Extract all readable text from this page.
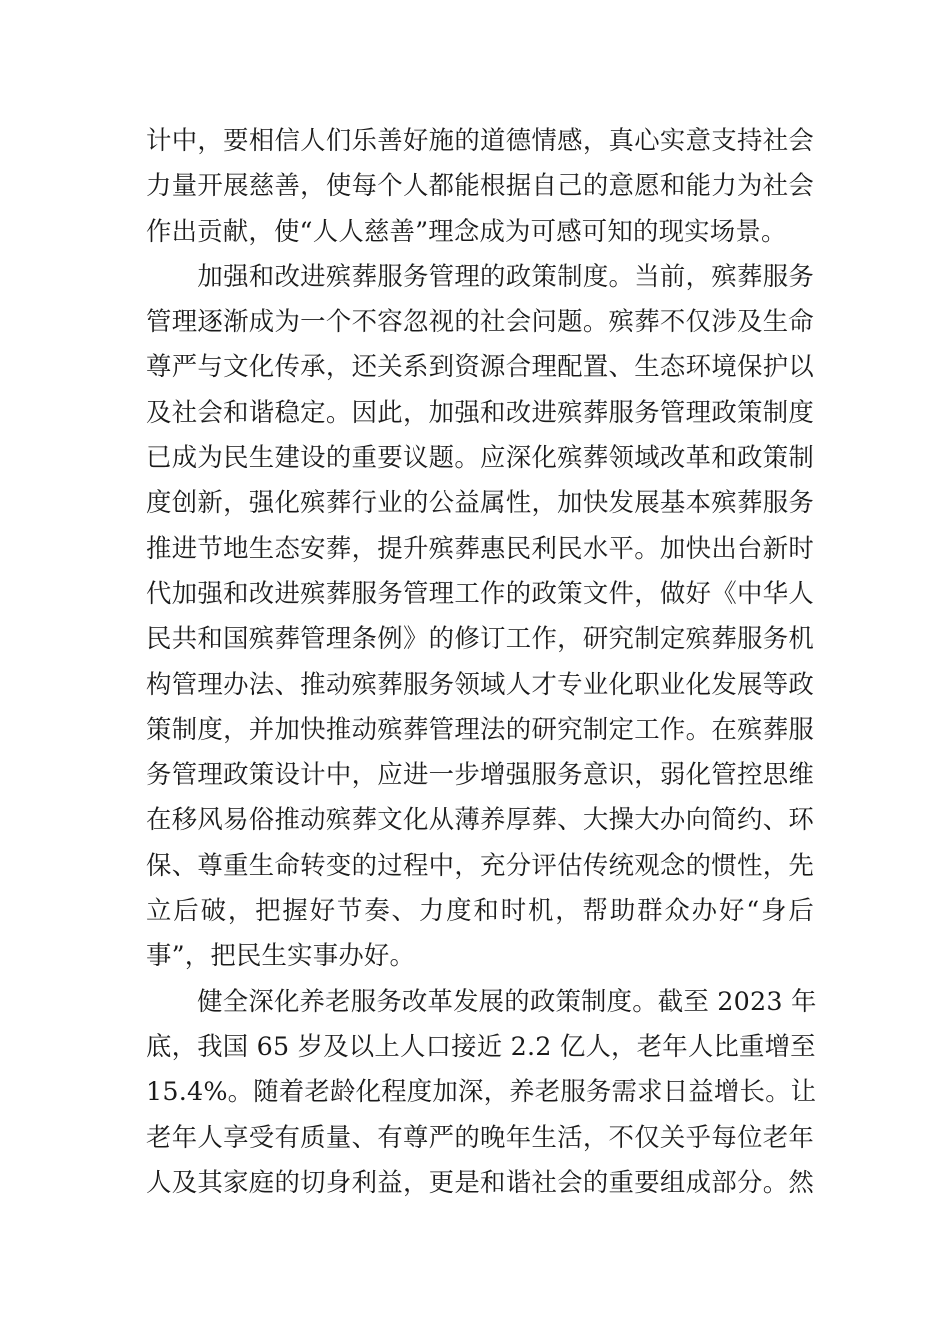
计中，要相信人们乐善好施的道德情感，真心实意支持社会
力量开展慈善，使每个人都能根据自己的意愿和能力为社会
作出贡献，使“人人慈善”理念成为可感可知的现实场景。
　　加强和改进殡葬服务管理的政策制度。当前，殡葬服务
管理逐渐成为一个不容忽视的社会问题。殡葬不仅涉及生命
尊严与文化传承，还关系到资源合理配置、生态环境保护以
及社会和谐稳定。因此，加强和改进殡葬服务管理政策制度
已成为民生建设的重要议题。应深化殡葬领域改革和政策制
度创新，强化殡葬行业的公益属性，加快发展基本殡葬服务
推进节地生态安葬，提升殡葬惠民利民水平。加快出台新时
代加强和改进殡葬服务管理工作的政策文件，做好《中华人
民共和国殡葬管理条例》的修订工作，研究制定殡葬服务机
构管理办法、推动殡葬服务领域人才专业化职业化发展等政
策制度，并加快推动殡葬管理法的研究制定工作。在殡葬服
务管理政策设计中，应进一步增强服务意识，弱化管控思维
在移风易俗推动殡葬文化从薄养厚葬、大操大办向简约、环
保、尊重生命转变的过程中，充分评估传统观念的惯性，先
立后破，把握好节奏、力度和时机，帮助群众办好“身后
事”，把民生实事办好。
　　健全深化养老服务改革发展的政策制度。截至 2023 年
底，我国 65 岁及以上人口接近 2.2 亿人，老年人比重增至
15.4%。随着老龄化程度加深，养老服务需求日益增长。让
老年人享受有质量、有尊严的晚年生活，不仅关乎每位老年
人及其家庭的切身利益，更是和谐社会的重要组成部分。然
